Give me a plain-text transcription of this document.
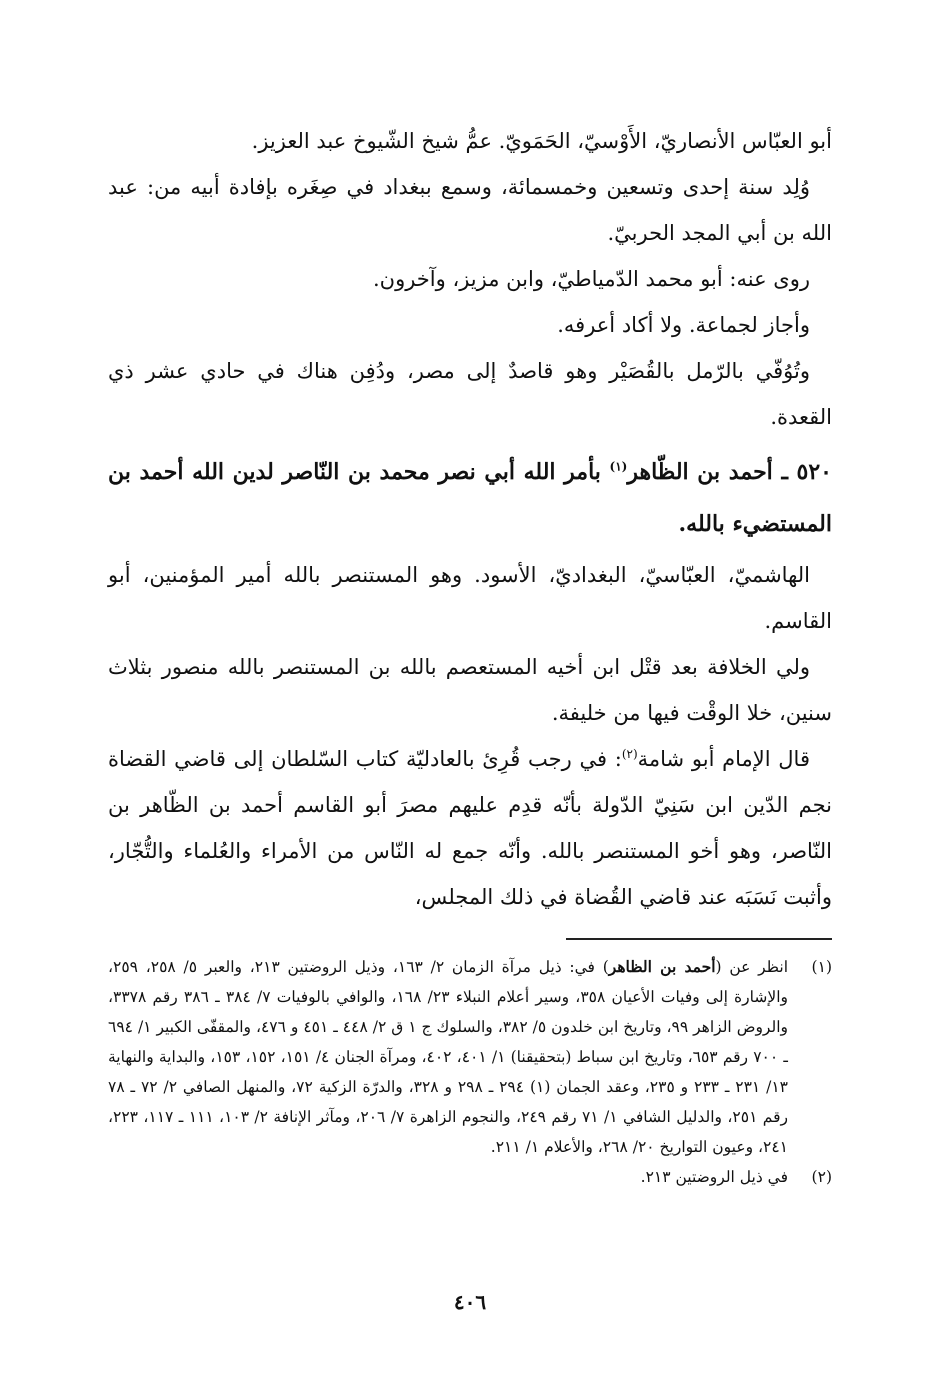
أبو العبّاس الأنصاريّ، الأَوْسيّ، الحَمَويّ. عمُّ شيخ الشّيوخ عبد العزيز.

وُلِد سنة إحدى وتسعين وخمسمائة، وسمع ببغداد في صِغَره بإفادة أبيه من: عبد الله بن أبي المجد الحربيّ.

روى عنه: أبو محمد الدّمياطيّ، وابن مزيز، وآخرون.

وأجاز لجماعة. ولا أكاد أعرفه.

وتُوُفّي بالرّمل بالقُصَيْر وهو قاصدٌ إلى مصر، ودُفِن هناك في حادي عشر ذي القعدة.

٥٢٠ ـ أحمد بن الظّاهر$^{(١)}$ بأمر الله أبي نصر محمد بن النّاصر لدين الله أحمد بن المستضيء بالله.

الهاشميّ، العبّاسيّ، البغداديّ، الأسود. وهو المستنصر بالله أمير المؤمنين، أبو القاسم.

ولي الخلافة بعد قتْل ابن أخيه المستعصم بالله بن المستنصر بالله منصور بثلاث سنين، خلا الوقْت فيها من خليفة.

قال الإمام أبو شامة$^{(٢)}$: في رجب قُرِئ بالعادليّة كتاب السّلطان إلى قاضي القضاة نجم الدّين ابن سَنِيّ الدّولة بأنّه قدِم عليهم مصرَ أبو القاسم أحمد بن الظّاهر بن النّاصر، وهو أخو المستنصر بالله. وأنّه جمع له النّاس من الأمراء والعُلماء والتُّجّار، وأثبت نَسَبَه عند قاضي القُضاة في ذلك المجلس،

(١)
انظر عن (أحمد بن الظاهر) في: ذيل مرآة الزمان ٢/ ١٦٣، وذيل الروضتين ٢١٣، والعبر ٥/ ٢٥٨، ٢٥٩، والإشارة إلى وفيات الأعيان ٣٥٨، وسير أعلام النبلاء ٢٣/ ١٦٨، والوافي بالوفيات ٧/ ٣٨٤ ـ ٣٨٦ رقم ٣٣٧٨، والروض الزاهر ٩٩، وتاريخ ابن خلدون ٥/ ٣٨٢، والسلوك ج ١ ق ٢/ ٤٤٨ ـ ٤٥١ و ٤٧٦، والمقفّى الكبير ١/ ٦٩٤ ـ ٧٠٠ رقم ٦٥٣، وتاريخ ابن سباط (بتحقيقنا) ١/ ٤٠١، ٤٠٢، ومرآة الجنان ٤/ ١٥١، ١٥٢، ١٥٣، والبداية والنهاية ١٣/ ٢٣١ ـ ٢٣٣ و ٢٣٥، وعقد الجمان (١) ٢٩٤ ـ ٢٩٨ و ٣٢٨، والدرّة الزكية ٧٢، والمنهل الصافي ٢/ ٧٢ ـ ٧٨ رقم ٢٥١، والدليل الشافي ١/ ٧١ رقم ٢٤٩، والنجوم الزاهرة ٧/ ٢٠٦، ومآثر الإنافة ٢/ ١٠٣، ١١١ ـ ١١٧، ٢٢٣، ٢٤١، وعيون التواريخ ٢٠/ ٢٦٨، والأعلام ١/ ٢١١.
(٢)
في ذيل الروضتين ٢١٣.
٤٠٦
